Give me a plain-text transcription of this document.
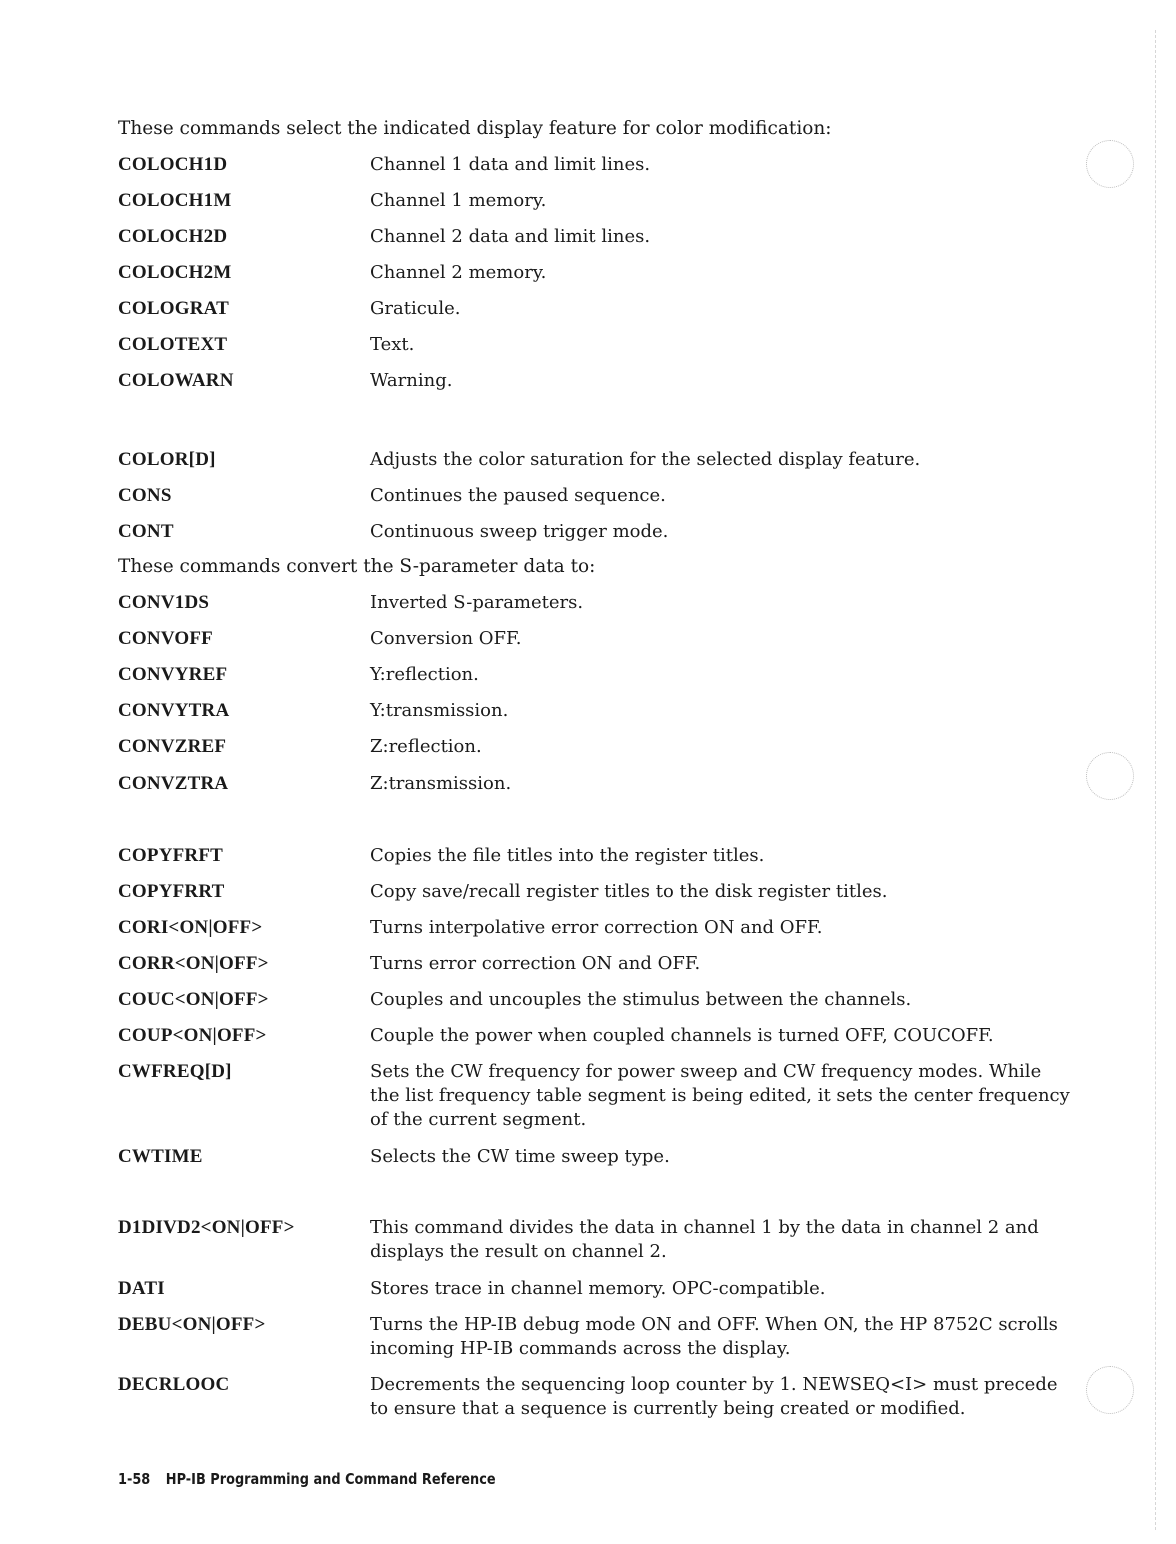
These commands select the indicated display feature for color modification:
COLOCH1D	Channel 1 data and limit lines.
COLOCH1M	Channel 1 memory.
COLOCH2D	Channel 2 data and limit lines.
COLOCH2M	Channel 2 memory.
COLOGRAT	Graticule.
COLOTEXT	Text.
COLOWARN	Warning.
COLOR[D]	Adjusts the color saturation for the selected display feature.
CONS	Continues the paused sequence.
CONT	Continuous sweep trigger mode.
These commands convert the S-parameter data to:
CONV1DS	Inverted S-parameters.
CONVOFF	Conversion OFF.
CONVYREF	Y:reflection.
CONVYTRA	Y:transmission.
CONVZREF	Z:reflection.
CONVZTRA	Z:transmission.
COPYFRFT	Copies the file titles into the register titles.
COPYFRRT	Copy save/recall register titles to the disk register titles.
CORI<ON|OFF>	Turns interpolative error correction ON and OFF.
CORR<ON|OFF>	Turns error correction ON and OFF.
COUC<ON|OFF>	Couples and uncouples the stimulus between the channels.
COUP<ON|OFF>	Couple the power when coupled channels is turned OFF, COUCOFF.
CWFREQ[D]	Sets the CW frequency for power sweep and CW frequency modes. While the list frequency table segment is being edited, it sets the center frequency of the current segment.
CWTIME	Selects the CW time sweep type.
D1DIVD2<ON|OFF>	This command divides the data in channel 1 by the data in channel 2 and displays the result on channel 2.
DATI	Stores trace in channel memory. OPC-compatible.
DEBU<ON|OFF>	Turns the HP-IB debug mode ON and OFF. When ON, the HP 8752C scrolls incoming HP-IB commands across the display.
DECRLOOC	Decrements the sequencing loop counter by 1. NEWSEQ<I> must precede to ensure that a sequence is currently being created or modified.
1-58 HP-IB Programming and Command Reference
